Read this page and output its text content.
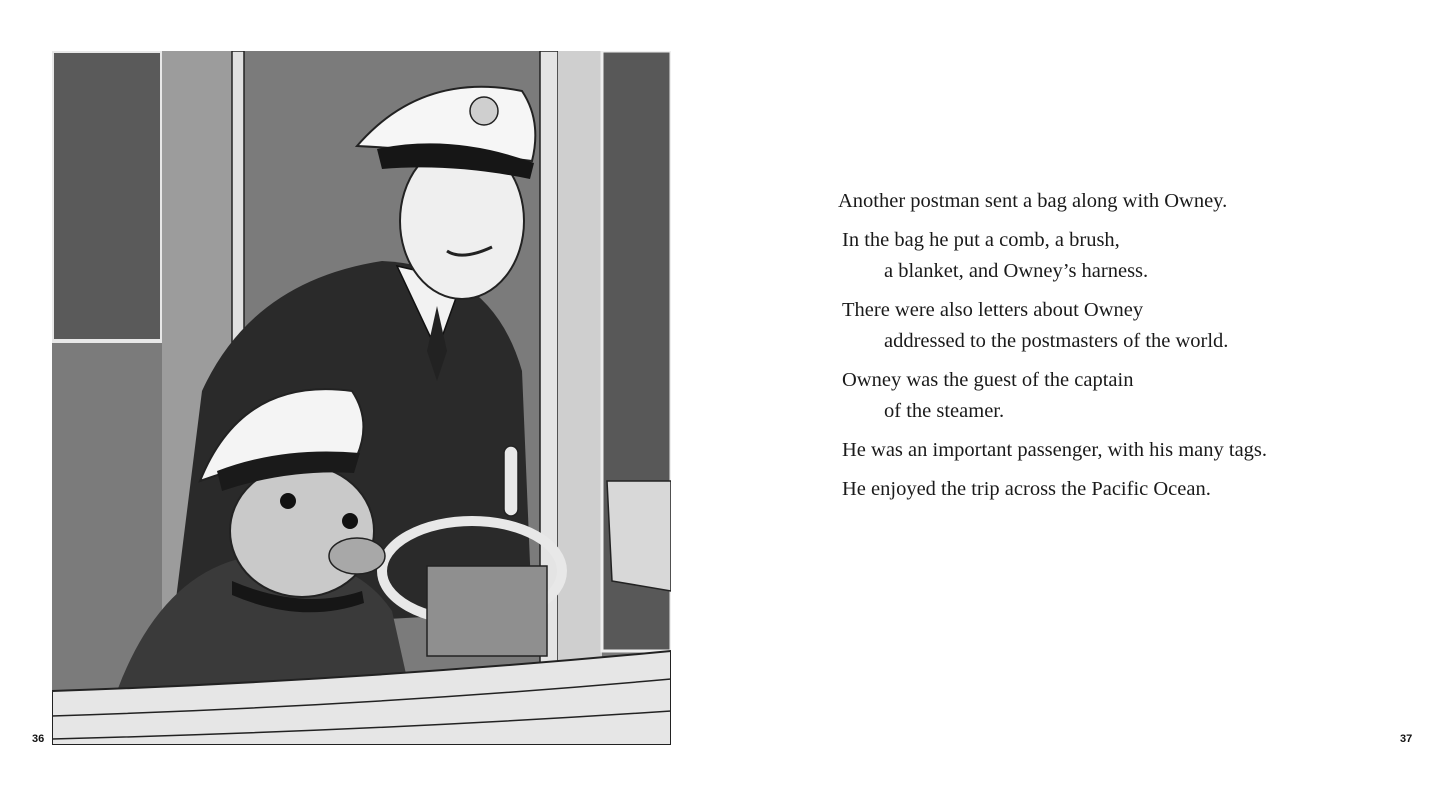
36	37

Another postman sent a bag along with Owney.

In the bag he put a comb, a brush,
a blanket, and Owney’s harness.

There were also letters about Owney
addressed to the postmasters of the world.

Owney was the guest of the captain
of the steamer.

He was an important passenger, with his many tags.

He enjoyed the trip across the Pacific Ocean.
